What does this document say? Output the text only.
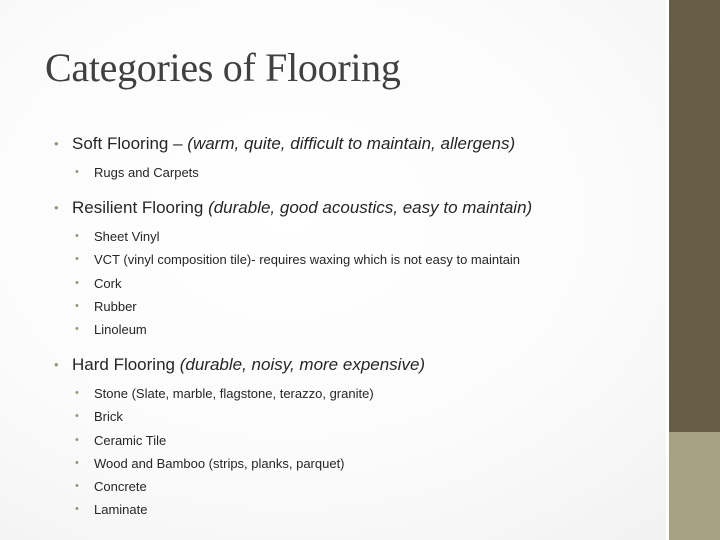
Categories of Flooring
• Soft Flooring – (warm, quite, difficult to maintain, allergens)
• Rugs and Carpets
• Resilient Flooring (durable, good acoustics, easy to maintain)
• Sheet Vinyl
• VCT (vinyl composition tile)- requires waxing which is not easy to maintain
• Cork
• Rubber
• Linoleum
• Hard Flooring (durable, noisy, more expensive)
• Stone (Slate, marble, flagstone, terazzo, granite)
• Brick
• Ceramic Tile
• Wood and Bamboo (strips, planks, parquet)
• Concrete
• Laminate
